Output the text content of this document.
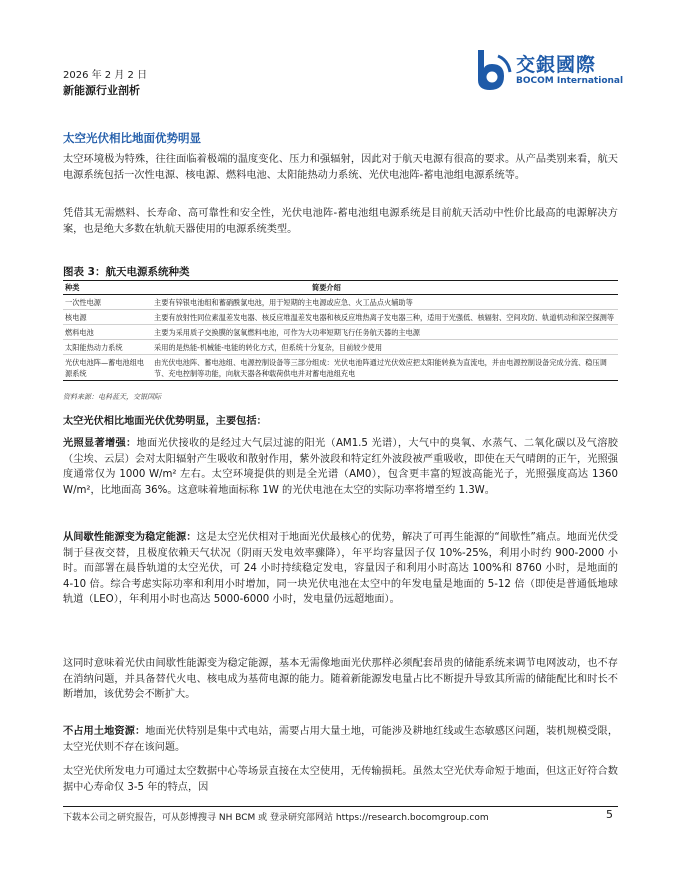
2026 年 2 月 2 日
新能源行业剖析
交銀國際
BOCOM International
太空光伏相比地面优势明显
太空环境极为特殊，往往面临着极端的温度变化、压力和强辐射，因此对于航天电源有很高的要求。从产品类别来看，航天电源系统包括一次性电源、核电源、燃料电池、太阳能热动力系统、光伏电池阵-蓄电池组电源系统等。
凭借其无需燃料、长寿命、高可靠性和安全性，光伏电池阵-蓄电池组电源系统是目前航天活动中性价比最高的电源解决方案，也是绝大多数在轨航天器使用的电源系统类型。
图表 3：航天电源系统种类
种类	简要介绍
一次性电源	主要有锌银电池组和蓄硝酰氯电池，用于短期的主电源或应急、火工品点火辅助等
核电源	主要有放射性同位素温差发电器、核反应堆温差发电器和核反应堆热离子发电器三种，适用于光强低、核辐射、空间攻防、轨道机动和深空探测等
燃料电池	主要为采用质子交换膜的氢氧燃料电池，可作为大功率短期飞行任务航天器的主电源
太阳能热动力系统	采用的是热能-机械能-电能的转化方式，但系统十分复杂，目前较少使用
光伏电池阵—蓄电池组电源系统	由光伏电池阵、蓄电池组、电源控制设备等三部分组成：光伏电池阵通过光伏效应把太阳能转换为直流电，并由电源控制设备完成分流、稳压调节、充电控制等功能，向航天器各种载荷供电并对蓄电池组充电
资料来源：电科蓝天，交银国际
太空光伏相比地面光伏优势明显，主要包括：
光照显著增强：地面光伏接收的是经过大气层过滤的阳光（AM1.5 光谱），大气中的臭氧、水蒸气、二氧化碳以及气溶胶（尘埃、云层）会对太阳辐射产生吸收和散射作用，紫外波段和特定红外波段被严重吸收，即使在天气晴朗的正午，光照强度通常仅为 1000 W/m² 左右。太空环境提供的则是全光谱（AM0），包含更丰富的短波高能光子，光照强度高达 1360 W/m²，比地面高 36%。这意味着地面标称 1W 的光伏电池在太空的实际功率将增至约 1.3W。
从间歇性能源变为稳定能源：这是太空光伏相对于地面光伏最核心的优势，解决了可再生能源的“间歇性”痛点。地面光伏受制于昼夜交替，且极度依赖天气状况（阴雨天发电效率骤降），年平均容量因子仅 10%-25%，利用小时约 900-2000 小时。而部署在晨昏轨道的太空光伏，可 24 小时持续稳定发电，容量因子和利用小时高达 100%和 8760 小时，是地面的 4-10 倍。综合考虑实际功率和利用小时增加，同一块光伏电池在太空中的年发电量是地面的 5-12 倍（即使是普通低地球轨道（LEO），年利用小时也高达 5000-6000 小时，发电量仍远超地面）。
这同时意味着光伏由间歇性能源变为稳定能源，基本无需像地面光伏那样必须配套昂贵的储能系统来调节电网波动，也不存在消纳问题，并具备替代火电、核电成为基荷电源的能力。随着新能源发电量占比不断提升导致其所需的储能配比和时长不断增加，该优势会不断扩大。
不占用土地资源：地面光伏特别是集中式电站，需要占用大量土地，可能涉及耕地红线或生态敏感区问题，装机规模受限，太空光伏则不存在该问题。
太空光伏所发电力可通过太空数据中心等场景直接在太空使用，无传输损耗。虽然太空光伏寿命短于地面，但这正好符合数据中心寿命仅 3-5 年的特点，因
下载本公司之研究报告，可从彭博搜寻 NH BCM 或 登录研究部网站 https://research.bocomgroup.com	5
